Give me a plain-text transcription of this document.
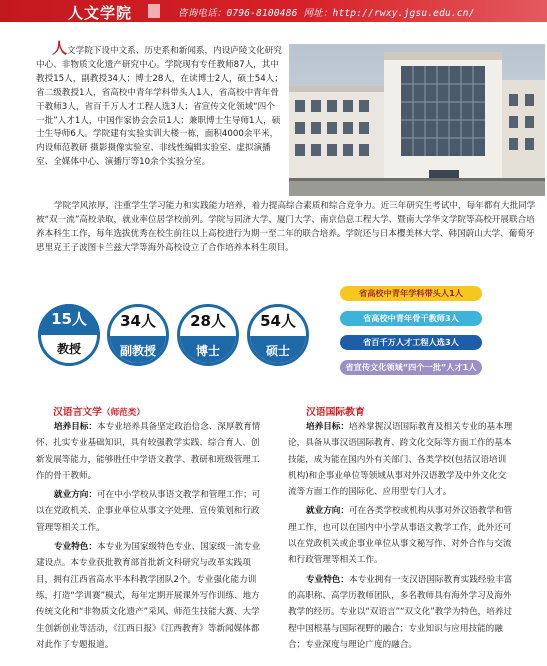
人文学院	咨询电话：0796-8100486 网址：http://rwxy.jgsu.edu.cn/
人文学院下设中文系、历史系和新闻系，内设庐陵文化研究中心、非物质文化遗产研究中心。学院现有专任教师87人，其中教授15人，副教授34人；博士28人，在读博士2人，硕士54人；省二级教授1人，省高校中青年学科带头人1人，省高校中青年骨干教师3人，省百千万人才工程人选3人；省宣传文化领域“四个一批”人才1人，中国作家协会会员1人；兼职博士生导师1人，硕士生导师6人。学院建有实验实训大楼一栋，面积4000余平米，内设师范教研 摄影摄像实验室、非线性编辑实验室、虚拟演播室、全媒体中心、演播厅等10余个实验分室。
学院学风浓厚，注重学生学习能力和实践能力培养，着力提高综合素质和综合竞争力。近三年研究生考试中，每年都有大批同学被“双一流”高校录取，就业率位居学校前列。学院与同济大学、厦门大学、南京信息工程大学、暨南大学华文学院等高校开展联合培养本科生工作，每年选拔优秀在校生前往以上高校进行为期一至二年的联合培养。学院还与日本樱美林大学、韩国蔚山大学、葡萄牙思里克王子波图卡兰兹大学等海外高校设立了合作培养本科生项目。
15人
教授
34人
副教授
28人
博士
54人
硕士
省高校中青年学科带头人1人
省高校中青年骨干教师3人
省百千万人才工程人选3人
省宣传文化领域“四个一批”人才1人
汉语言文学（师范类）

培养目标：本专业培养具备坚定政治信念、深厚教育情怀、扎实专业基础知识，具有较强教学实践、综合育人、创新发展等能力，能够胜任中学语文教学、教研和班级管理工作的骨干教师。

就业方向：可在中小学校从事语文教学和管理工作；可以在党政机关、企事业单位从事文字处理、宣传策划和行政管理等相关工作。

专业特色：本专业为国家级特色专业、国家级一流专业建设点。本专业获批教育部首批新文科研究与改革实践项目，拥有江西省高水平本科教学团队2个。专业强化能力训练，打造“学训赛”模式，每年定期开展课外写作训练、地方传统文化和“非物质文化遗产”采风、师范生技能大赛、大学生创新创业等活动，《江西日报》《江西教育》等新闻媒体都对此作了专题报道。

汉语国际教育

培养目标：培养掌握汉语国际教育及相关专业的基本理论，具备从事汉语国际教育、跨文化交际等方面工作的基本技能，成为能在国内外有关部门、各类学校(包括汉语培训机构)和企事业单位等领域从事对外汉语教学及中外文化交流等方面工作的国际化、应用型专门人才。

就业方向：可在各类学校或机构从事对外汉语教学和管理工作，也可以在国内中小学从事语文教学工作，此外还可以在党政机关或企事业单位从事文秘写作、对外合作与交流和行政管理等相关工作。

专业特色：本专业拥有一支汉语国际教育实践经验丰富的高职称、高学历教师团队，多名教师具有海外学习及海外教学的经历。专业以“双语言”“双文化”教学为特色，培养过程中国根基与国际视野的融合；专业知识与应用技能的融合；专业深度与理论广度的融合。
